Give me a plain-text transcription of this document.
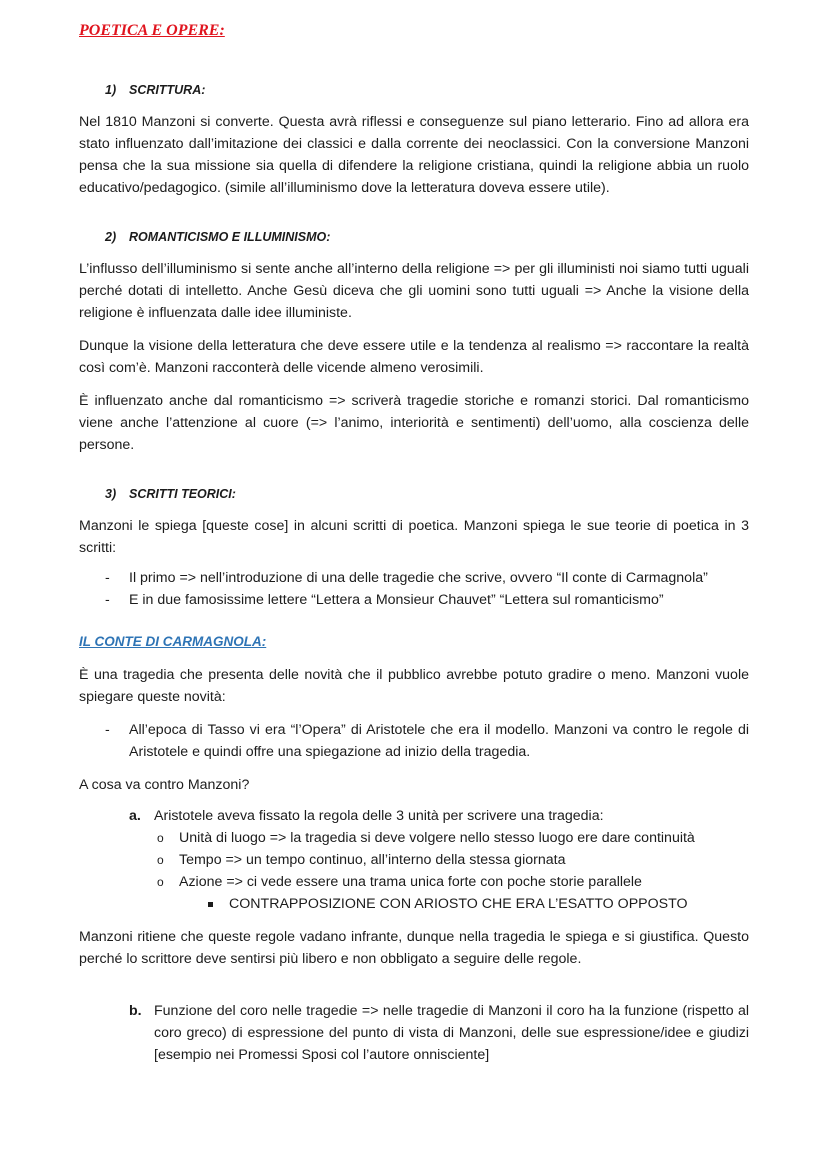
POETICA E OPERE:
1) SCRITTURA:

Nel 1810 Manzoni si converte. Questa avrà riflessi e conseguenze sul piano letterario. Fino ad allora era stato influenzato dall’imitazione dei classici e dalla corrente dei neoclassici. Con la conversione Manzoni pensa che la sua missione sia quella di difendere la religione cristiana, quindi la religione abbia un ruolo educativo/pedagogico. (simile all’illuminismo dove la letteratura doveva essere utile).

2) ROMANTICISMO E ILLUMINISMO:

L’influsso dell’illuminismo si sente anche all’interno della religione => per gli illuministi noi siamo tutti uguali perché dotati di intelletto. Anche Gesù diceva che gli uomini sono tutti uguali => Anche la visione della religione è influenzata dalle idee illuministe.

Dunque la visione della letteratura che deve essere utile e la tendenza al realismo => raccontare la realtà così com’è. Manzoni racconterà delle vicende almeno verosimili.

È influenzato anche dal romanticismo => scriverà tragedie storiche e romanzi storici. Dal romanticismo viene anche l’attenzione al cuore (=> l’animo, interiorità e sentimenti) dell’uomo, alla coscienza delle persone.

3) SCRITTI TEORICI:

Manzoni le spiega [queste cose] in alcuni scritti di poetica. Manzoni spiega le sue teorie di poetica in 3 scritti:

- Il primo => nell’introduzione di una delle tragedie che scrive, ovvero “Il conte di Carmagnola”
- E in due famosissime lettere “Lettera a Monsieur Chauvet” “Lettera sul romanticismo”
IL CONTE DI CARMAGNOLA:

È una tragedia che presenta delle novità che il pubblico avrebbe potuto gradire o meno. Manzoni vuole spiegare queste novità:

- All’epoca di Tasso vi era “l’Opera” di Aristotele che era il modello. Manzoni va contro le regole di Aristotele e quindi offre una spiegazione ad inizio della tragedia.

A cosa va contro Manzoni?

a. Aristotele aveva fissato la regola delle 3 unità per scrivere una tragedia:
o Unità di luogo => la tragedia si deve volgere nello stesso luogo ere dare continuità
o Tempo => un tempo continuo, all’interno della stessa giornata
o Azione => ci vede essere una trama unica forte con poche storie parallele
CONTRAPPOSIZIONE CON ARIOSTO CHE ERA L’ESATTO OPPOSTO

Manzoni ritiene che queste regole vadano infrante, dunque nella tragedia le spiega e si giustifica. Questo perché lo scrittore deve sentirsi più libero e non obbligato a seguire delle regole.

b. Funzione del coro nelle tragedie => nelle tragedie di Manzoni il coro ha la funzione (rispetto al coro greco) di espressione del punto di vista di Manzoni, delle sue espressione/idee e giudizi [esempio nei Promessi Sposi col l’autore onnisciente]
